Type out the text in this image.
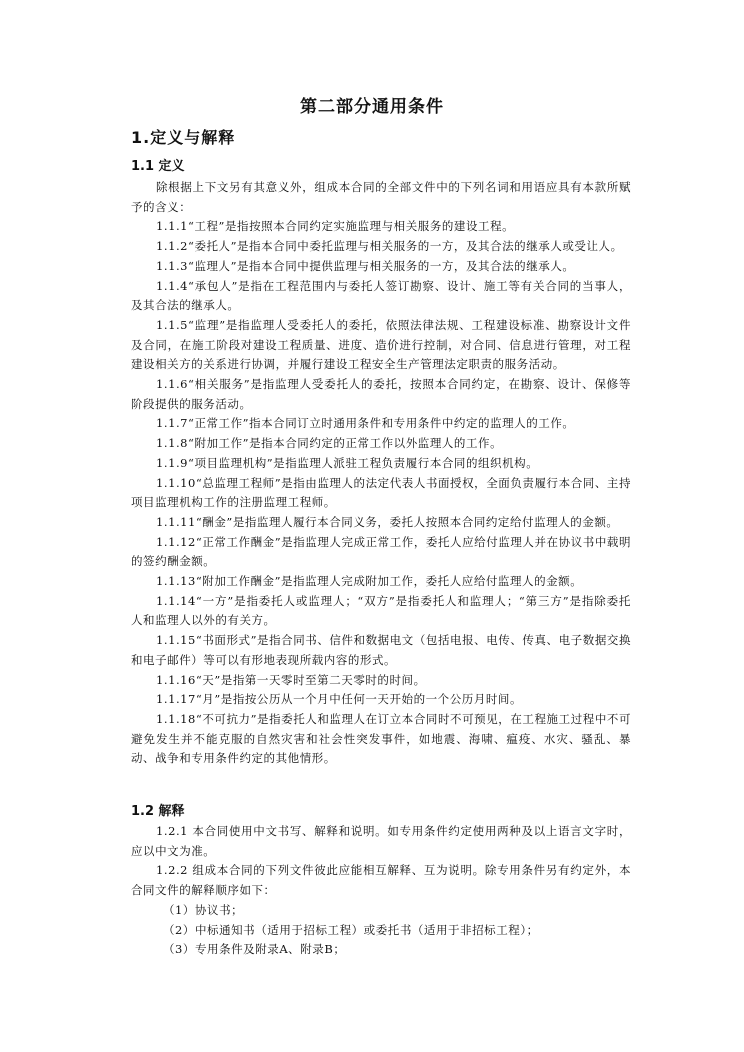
第二部分通用条件
1.定义与解释
1.1 定义

除根据上下文另有其意义外，组成本合同的全部文件中的下列名词和用语应具有本款所赋予的含义：

1.1.1“工程”是指按照本合同约定实施监理与相关服务的建设工程。

1.1.2“委托人”是指本合同中委托监理与相关服务的一方，及其合法的继承人或受让人。

1.1.3“监理人”是指本合同中提供监理与相关服务的一方，及其合法的继承人。

1.1.4“承包人”是指在工程范围内与委托人签订勘察、设计、施工等有关合同的当事人，及其合法的继承人。

1.1.5“监理”是指监理人受委托人的委托，依照法律法规、工程建设标准、勘察设计文件及合同，在施工阶段对建设工程质量、进度、造价进行控制，对合同、信息进行管理，对工程建设相关方的关系进行协调，并履行建设工程安全生产管理法定职责的服务活动。

1.1.6“相关服务”是指监理人受委托人的委托，按照本合同约定，在勘察、设计、保修等阶段提供的服务活动。

1.1.7“正常工作”指本合同订立时通用条件和专用条件中约定的监理人的工作。

1.1.8“附加工作”是指本合同约定的正常工作以外监理人的工作。

1.1.9“项目监理机构”是指监理人派驻工程负责履行本合同的组织机构。

1.1.10“总监理工程师”是指由监理人的法定代表人书面授权，全面负责履行本合同、主持项目监理机构工作的注册监理工程师。

1.1.11“酬金”是指监理人履行本合同义务，委托人按照本合同约定给付监理人的金额。

1.1.12“正常工作酬金”是指监理人完成正常工作，委托人应给付监理人并在协议书中载明的签约酬金额。

1.1.13“附加工作酬金”是指监理人完成附加工作，委托人应给付监理人的金额。

1.1.14“一方”是指委托人或监理人；“双方”是指委托人和监理人；“第三方”是指除委托人和监理人以外的有关方。

1.1.15“书面形式”是指合同书、信件和数据电文（包括电报、电传、传真、电子数据交换和电子邮件）等可以有形地表现所载内容的形式。

1.1.16“天”是指第一天零时至第二天零时的时间。

1.1.17“月”是指按公历从一个月中任何一天开始的一个公历月时间。

1.1.18“不可抗力”是指委托人和监理人在订立本合同时不可预见，在工程施工过程中不可避免发生并不能克服的自然灾害和社会性突发事件，如地震、海啸、瘟疫、水灾、骚乱、暴动、战争和专用条件约定的其他情形。

1.2 解释

1.2.1 本合同使用中文书写、解释和说明。如专用条件约定使用两种及以上语言文字时，应以中文为准。

1.2.2 组成本合同的下列文件彼此应能相互解释、互为说明。除专用条件另有约定外，本合同文件的解释顺序如下：

（1）协议书；

（2）中标通知书（适用于招标工程）或委托书（适用于非招标工程）；

（3）专用条件及附录A、附录B；
